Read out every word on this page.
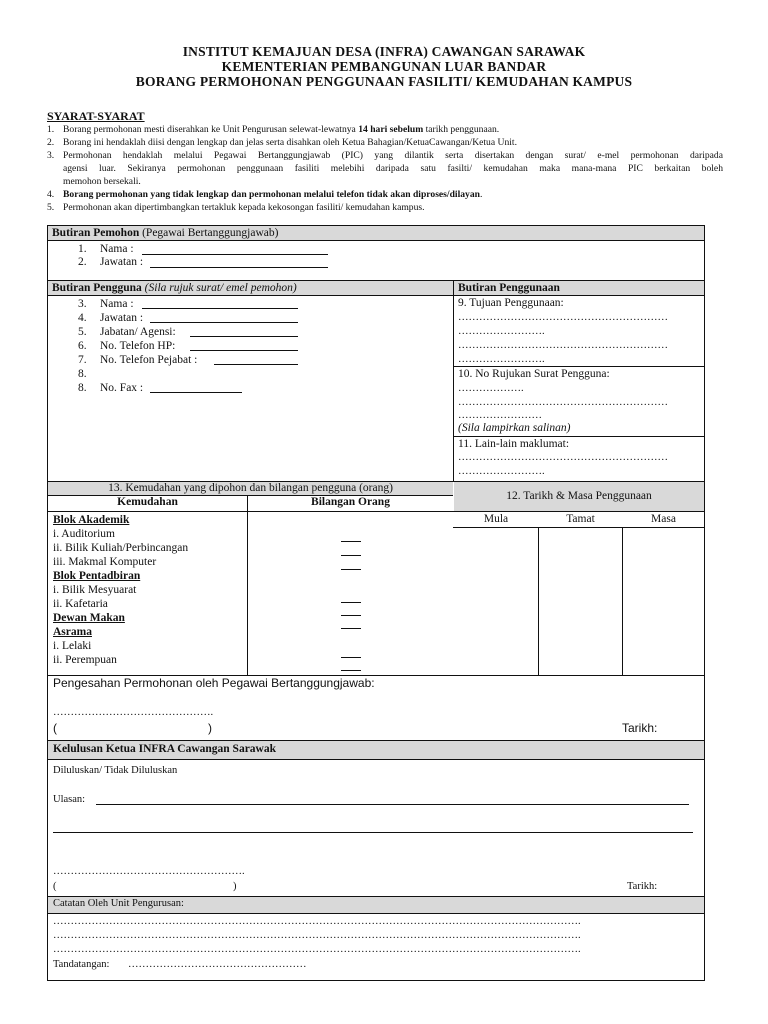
INSTITUT KEMAJUAN DESA (INFRA) CAWANGAN SARAWAK
KEMENTERIAN PEMBANGUNAN LUAR BANDAR
BORANG PERMOHONAN PENGGUNAAN FASILITI/ KEMUDAHAN KAMPUS
SYARAT-SYARAT
1. Borang permohonan mesti diserahkan ke Unit Pengurusan selewat-lewatnya 14 hari sebelum tarikh penggunaan.
2. Borang ini hendaklah diisi dengan lengkap dan jelas serta disahkan oleh Ketua Bahagian/KetuaCawangan/Ketua Unit.
3. Permohonan hendaklah melalui Pegawai Bertanggungjawab (PIC) yang dilantik serta disertakan dengan surat/ e-mel permohonan daripada
agensi luar. Sekiranya permohonan penggunaan fasiliti melebihi daripada satu fasilti/ kemudahan maka mana-mana PIC berkaitan boleh
memohon bersekali.
4. Borang permohonan yang tidak lengkap dan permohonan melalui telefon tidak akan diproses/dilayan.
5. Permohonan akan dipertimbangkan tertakluk kepada kekosongan fasiliti/ kemudahan kampus.
Butiran Pemohon (Pegawai Bertanggungjawab)
1. Nama :
2. Jawatan :
Butiran Pengguna (Sila rujuk surat/ emel pemohon)	Butiran Penggunaan
3. Nama :
4. Jawatan :
5. Jabatan/ Agensi:
6. No. Telefon HP:
7. No. Telefon Pejabat :
8.
8. No. Fax :
9. Tujuan Penggunaan:
……………………………………………………
…………………….
……………………………………………………
…………………….
10. No Rujukan Surat Pengguna:
……………….
……………………………………………………
……………………
(Sila lampirkan salinan)
11. Lain-lain maklumat:
……………………………………………………
…………………….
13. Kemudahan yang dipohon dan bilangan pengguna (orang)
Kemudahan	Bilangan Orang
Blok Akademik
i. Auditorium
ii. Bilik Kuliah/Perbincangan
iii. Makmal Komputer
Blok Pentadbiran
i. Bilik Mesyuarat
ii. Kafetaria
Dewan Makan
Asrama
i. Lelaki
ii. Perempuan
12. Tarikh & Masa Penggunaan
Mula	Tamat	Masa
Pengesahan Permohonan oleh Pegawai Bertanggungjawab:
……………………………………….
(	)	Tarikh:
Kelulusan Ketua INFRA Cawangan Sarawak
Diluluskan/ Tidak Diluluskan
Ulasan:
……………………………………………….
(	)	Tarikh:
Catatan Oleh Unit Pengurusan:
…………………………………………………………………………………………………………………………………….
…………………………………………………………………………………………………………………………………….
…………………………………………………………………………………………………………………………………….
Tandatangan: ……………………………………………
